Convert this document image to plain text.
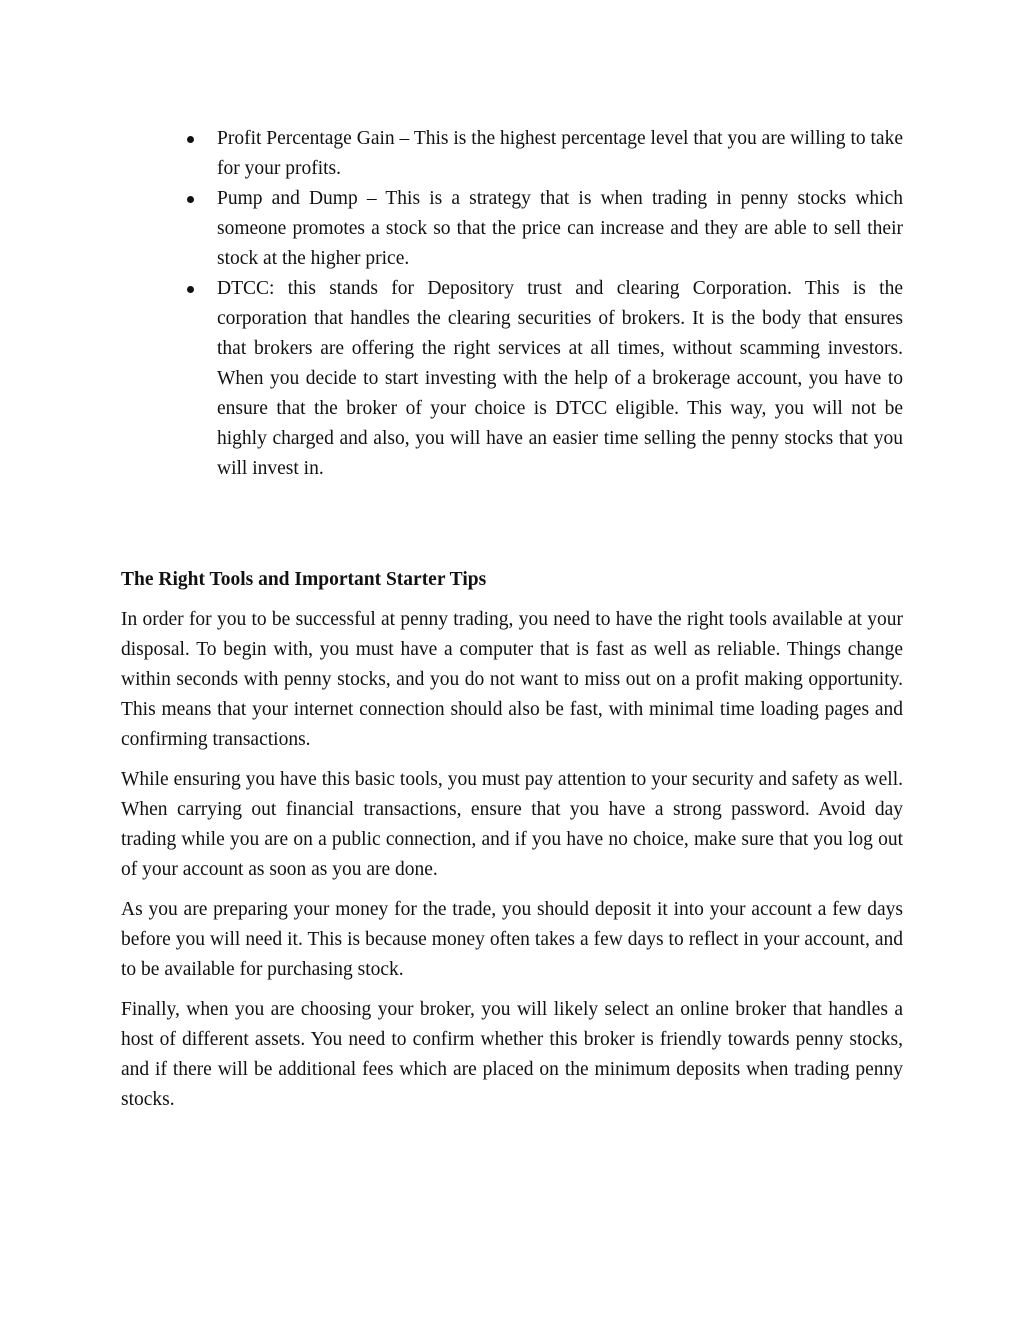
Profit Percentage Gain – This is the highest percentage level that you are willing to take for your profits.
Pump and Dump – This is a strategy that is when trading in penny stocks which someone promotes a stock so that the price can increase and they are able to sell their stock at the higher price.
DTCC: this stands for Depository trust and clearing Corporation. This is the corporation that handles the clearing securities of brokers. It is the body that ensures that brokers are offering the right services at all times, without scamming investors. When you decide to start investing with the help of a brokerage account, you have to ensure that the broker of your choice is DTCC eligible. This way, you will not be highly charged and also, you will have an easier time selling the penny stocks that you will invest in.
The Right Tools and Important Starter Tips

In order for you to be successful at penny trading, you need to have the right tools available at your disposal. To begin with, you must have a computer that is fast as well as reliable. Things change within seconds with penny stocks, and you do not want to miss out on a profit making opportunity. This means that your internet connection should also be fast, with minimal time loading pages and confirming transactions.

While ensuring you have this basic tools, you must pay attention to your security and safety as well. When carrying out financial transactions, ensure that you have a strong password. Avoid day trading while you are on a public connection, and if you have no choice, make sure that you log out of your account as soon as you are done.

As you are preparing your money for the trade, you should deposit it into your account a few days before you will need it. This is because money often takes a few days to reflect in your account, and to be available for purchasing stock.

Finally, when you are choosing your broker, you will likely select an online broker that handles a host of different assets. You need to confirm whether this broker is friendly towards penny stocks, and if there will be additional fees which are placed on the minimum deposits when trading penny stocks.
